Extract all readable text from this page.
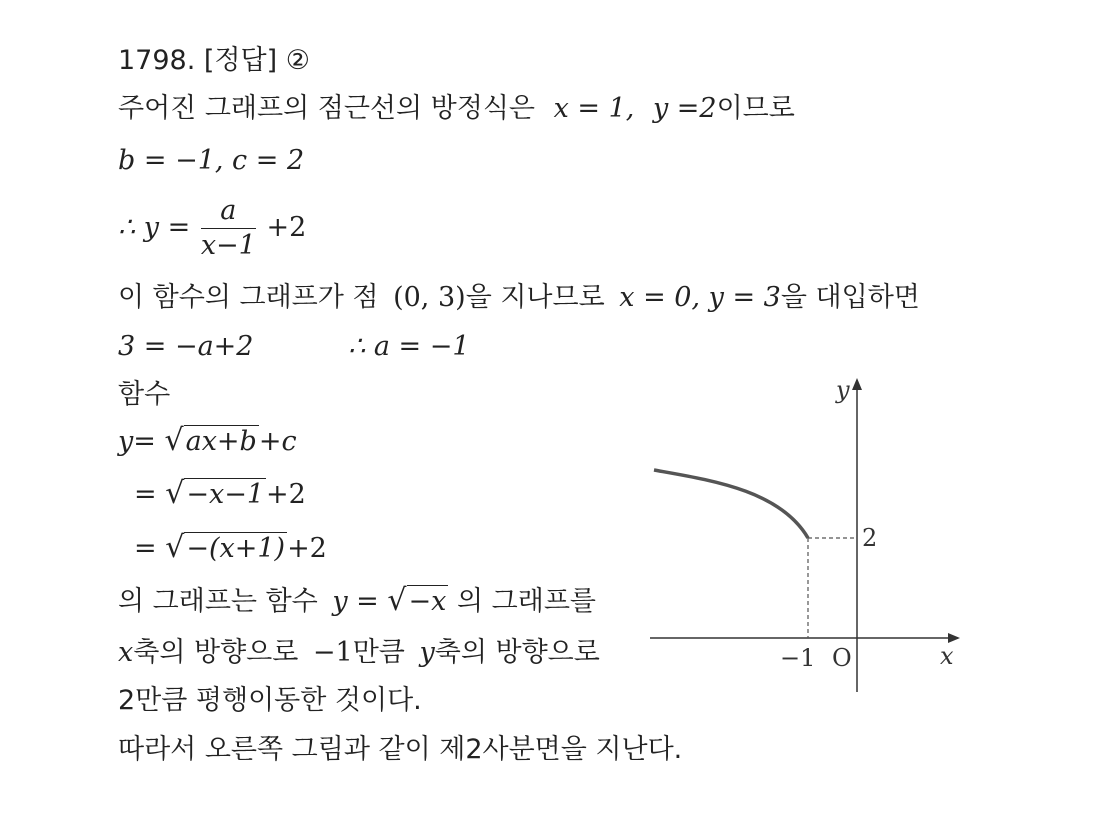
1798. [정답] ②
주어진 그래프의 점근선의 방정식은 x = 1, y =2이므로
b = −1, c = 2
∴ $y = \frac{a}{x-1} +2$
이 함수의 그래프가 점 (0, 3)을 지나므로 x = 0, y = 3을 대입하면
3 = −a+2	∴ a = −1
함수
y= √ax+b+c
= √−x−1+2
= √−(x+1)+2
의 그래프는 함수 y = √−x 의 그래프를
x축의 방향으로 −1만큼 y축의 방향으로
2만큼 평행이동한 것이다.
따라서 오른쪽 그림과 같이 제2사분면을 지난다.
y
x
O
−1
2
